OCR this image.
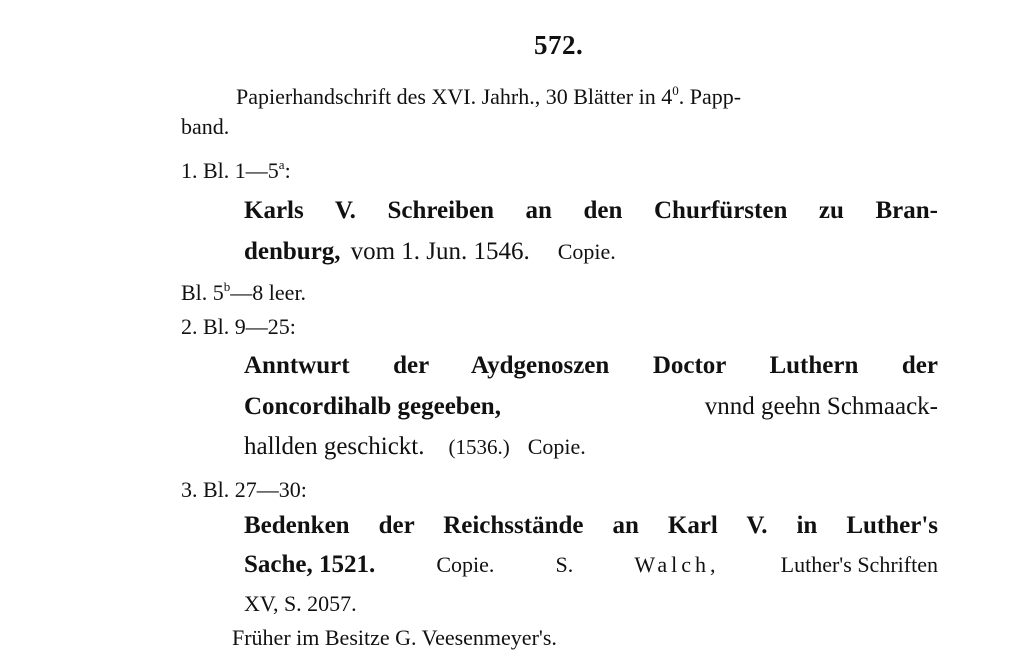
572.
Papierhandschrift des XVI. Jahrh., 30 Blätter in $4^0$. Papp-
band.
1. Bl. 1—5$^a$:
Karls V. Schreiben an den Churfürsten zu Bran-
denburg, vom 1. Jun. 1546. Copie.
Bl. 5$^b$—8 leer.
2. Bl. 9—25:
Anntwurt der Aydgenoszen Doctor Luthern der
Concordihalb gegeeben,	vnnd geehn Schmaack-
hallden geschickt. (1536.) Copie.
3. Bl. 27—30:
Bedenken der Reichsstände an Karl V. in Luther's
Sache, 1521.	Copie.	S.	Walch,	Luther's Schriften
XV, S. 2057.
Früher im Besitze G. Veesenmeyer's.
